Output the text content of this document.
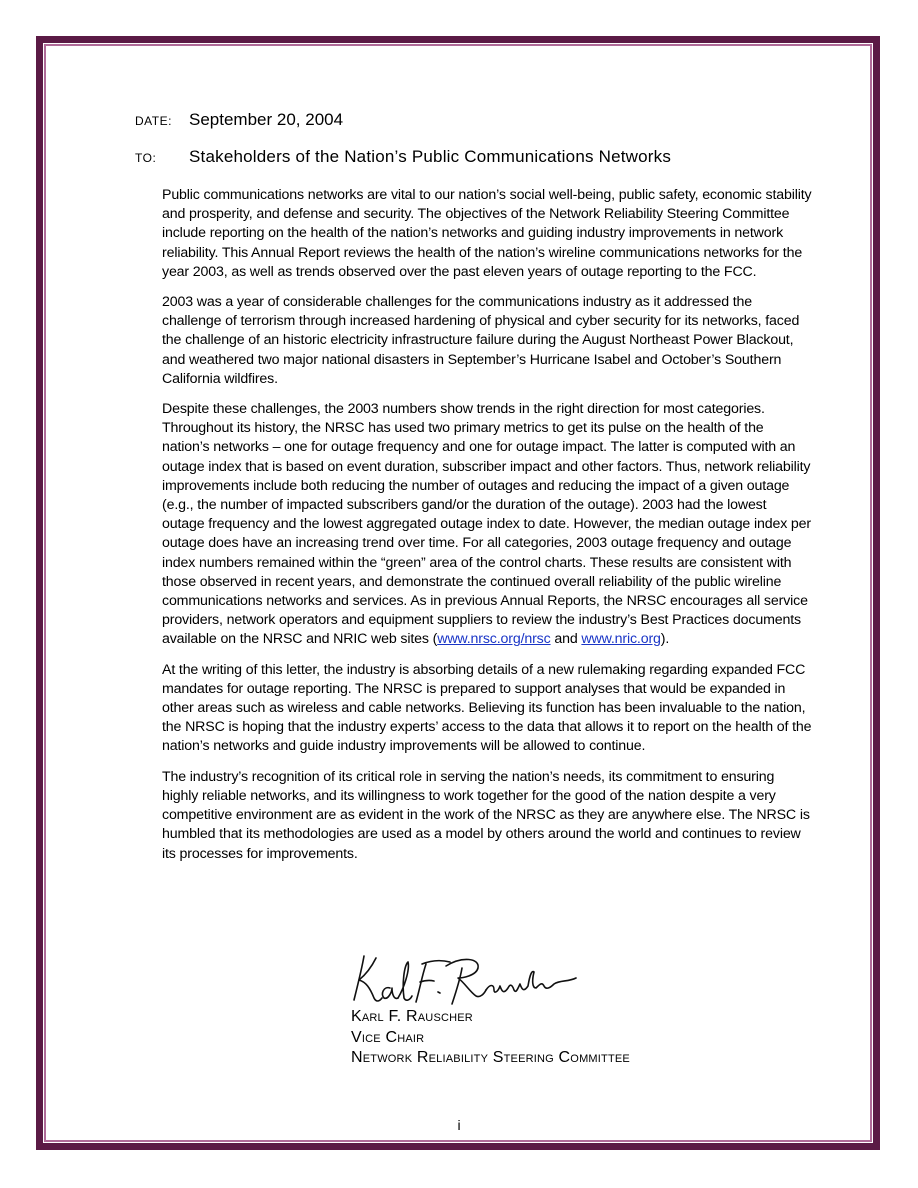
DATE: September 20, 2004
TO: Stakeholders of the Nation’s Public Communications Networks

Public communications networks are vital to our nation’s social well-being, public safety, economic stability and prosperity, and defense and security. The objectives of the Network Reliability Steering Committee include reporting on the health of the nation’s networks and guiding industry improvements in network reliability. This Annual Report reviews the health of the nation’s wireline communications networks for the year 2003, as well as trends observed over the past eleven years of outage reporting to the FCC.

2003 was a year of considerable challenges for the communications industry as it addressed the challenge of terrorism through increased hardening of physical and cyber security for its networks, faced the challenge of an historic electricity infrastructure failure during the August Northeast Power Blackout, and weathered two major national disasters in September’s Hurricane Isabel and October’s Southern California wildfires.

Despite these challenges, the 2003 numbers show trends in the right direction for most categories. Throughout its history, the NRSC has used two primary metrics to get its pulse on the health of the nation’s networks – one for outage frequency and one for outage impact. The latter is computed with an outage index that is based on event duration, subscriber impact and other factors. Thus, network reliability improvements include both reducing the number of outages and reducing the impact of a given outage (e.g., the number of impacted subscribers gand/or the duration of the outage). 2003 had the lowest outage frequency and the lowest aggregated outage index to date. However, the median outage index per outage does have an increasing trend over time. For all categories, 2003 outage frequency and outage index numbers remained within the “green” area of the control charts. These results are consistent with those observed in recent years, and demonstrate the continued overall reliability of the public wireline communications networks and services. As in previous Annual Reports, the NRSC encourages all service providers, network operators and equipment suppliers to review the industry’s Best Practices documents available on the NRSC and NRIC web sites (www.nrsc.org/nrsc and www.nric.org).

At the writing of this letter, the industry is absorbing details of a new rulemaking regarding expanded FCC mandates for outage reporting. The NRSC is prepared to support analyses that would be expanded in other areas such as wireless and cable networks. Believing its function has been invaluable to the nation, the NRSC is hoping that the industry experts’ access to the data that allows it to report on the health of the nation’s networks and guide industry improvements will be allowed to continue.

The industry’s recognition of its critical role in serving the nation’s needs, its commitment to ensuring highly reliable networks, and its willingness to work together for the good of the nation despite a very competitive environment are as evident in the work of the NRSC as they are anywhere else. The NRSC is humbled that its methodologies are used as a model by others around the world and continues to review its processes for improvements.

Karl F. Rauscher
Vice Chair
Network Reliability Steering Committee
i
